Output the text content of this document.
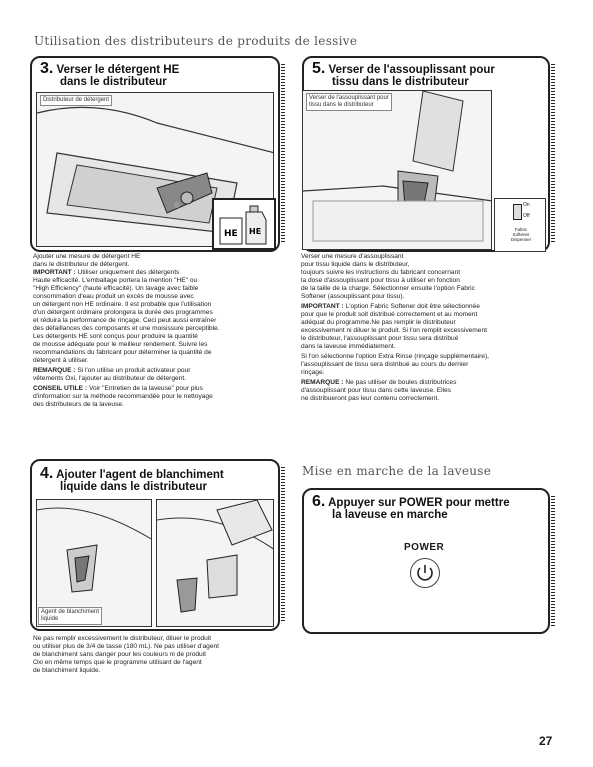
Utilisation des distributeurs de produits de lessive
3. Verser le détergent HE
dans le distributeur
Distributeur de détergent
HE HE

Ajouter une mesure de détergent HE
dans le distributeur de détergent.
IMPORTANT : Utiliser uniquement des détergents
Haute efficacité. L'emballage portera la mention "HE" ou
"High Efficiency" (haute efficacité). Un lavage avec faible
consommation d'eau produit un excès de mousse avec
un détergent non HE ordinaire. Il est probable que l'utilisation
d'un détergent ordinaire prolongera la durée des programmes
et réduira la performance de rinçage. Ceci peut aussi entraîner
des défaillances des composants et une moisissure perceptible.
Les détergents HE sont conçus pour produire la quantité
de mousse adéquate pour le meilleur rendement. Suivre les
recommandations du fabricant pour déterminer la quantité de
détergent à utiliser.

REMARQUE : Si l'on utilise un produit activateur pour
vêtements Oxi, l'ajouter au distributeur de détergent.

CONSEIL UTILE : Voir "Entretien de la laveuse" pour plus
d'information sur la méthode recommandée pour le nettoyage
des distributeurs de la laveuse.

5. Verser de l'assouplissant pour
tissu dans le distributeur
Verser de l'assouplissant pour
tissu dans le distributeur
On
Off
Fabric
Softener
Dispenser

Verser une mesure d'assouplissant
pour tissu liquide dans le distributeur,
toujours suivre les instructions du fabricant concernant
la dose d'assouplissant pour tissu à utiliser en fonction
de la taille de la charge. Sélectionner ensuite l'option Fabric
Softener (assouplissant pour tissu).

IMPORTANT : L'option Fabric Softener doit être sélectionnée
pour que le produit soit distribué correctement et au moment
adéquat du programme.Ne pas remplir le distributeur
excessivement ni diluer le produit. Si l'on remplit excessivement
le distributeur, l'assouplissant pour tissu sera distribué
dans la laveuse immédiatement.

Si l'on sélectionne l'option Extra Rinse (rinçage supplémentaire),
l'assouplissant de tissu sera distribué au cours du dernier
rinçage.

REMARQUE : Ne pas utiliser de boules distributrices
d'assouplissant pour tissu dans cette laveuse. Elles
ne distribueront pas leur contenu correctement.

4. Ajouter l'agent de blanchiment
liquide dans le distributeur
Agent de blanchiment
liquide
Ne pas remplir excessivement le distributeur, diluer le produit
ou utiliser plus de 3/4 de tasse (180 mL). Ne pas utiliser d'agent
de blanchiment sans danger pour les couleurs ni de produit
Oxi en même temps que le programme utilisant de l'agent
de blanchiment liquide.
Mise en marche de la laveuse
6. Appuyer sur POWER pour mettre
la laveuse en marche
POWER
27
